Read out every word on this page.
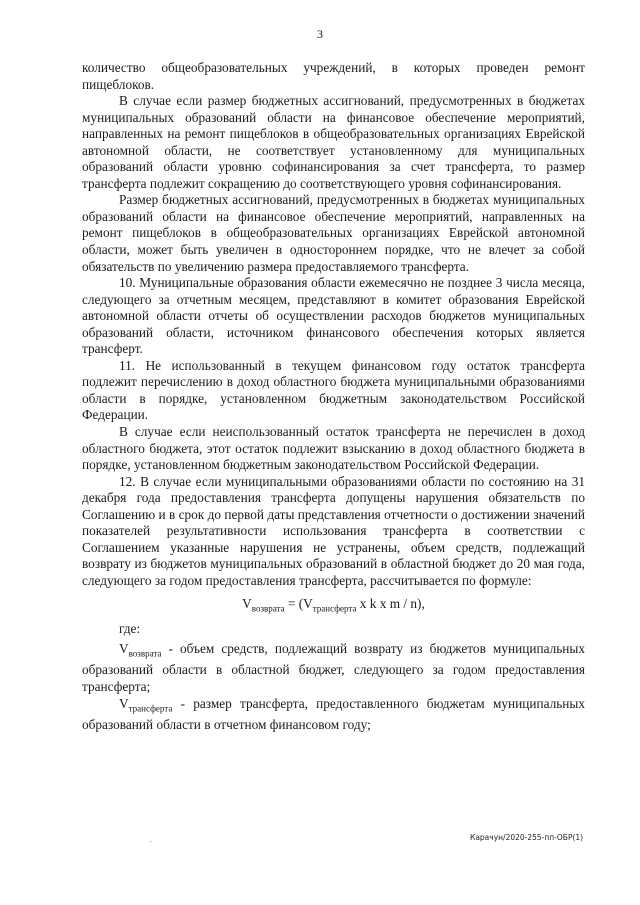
3

количество общеобразовательных учреждений, в которых проведен ремонт пищеблоков.

В случае если размер бюджетных ассигнований, предусмотренных в бюджетах муниципальных образований области на финансовое обеспечение мероприятий, направленных на ремонт пищеблоков в общеобразовательных организациях Еврейской автономной области, не соответствует установленному для муниципальных образований области уровню софинансирования за счет трансферта, то размер трансферта подлежит сокращению до соответствующего уровня софинансирования.

Размер бюджетных ассигнований, предусмотренных в бюджетах муниципальных образований области на финансовое обеспечение мероприятий, направленных на ремонт пищеблоков в общеобразовательных организациях Еврейской автономной области, может быть увеличен в одностороннем порядке, что не влечет за собой обязательств по увеличению размера предоставляемого трансферта.

10. Муниципальные образования области ежемесячно не позднее 3 числа месяца, следующего за отчетным месяцем, представляют в комитет образования Еврейской автономной области отчеты об осуществлении расходов бюджетов муниципальных образований области, источником финансового обеспечения которых является трансферт.

11. Не использованный в текущем финансовом году остаток трансферта подлежит перечислению в доход областного бюджета муниципальными образованиями области в порядке, установленном бюджетным законодательством Российской Федерации.

В случае если неиспользованный остаток трансферта не перечислен в доход областного бюджета, этот остаток подлежит взысканию в доход областного бюджета в порядке, установленном бюджетным законодательством Российской Федерации.

12. В случае если муниципальными образованиями области по состоянию на 31 декабря года предоставления трансферта допущены нарушения обязательств по Соглашению и в срок до первой даты представления отчетности о достижении значений показателей результативности использования трансферта в соответствии с Соглашением указанные нарушения не устранены, объем средств, подлежащий возврату из бюджетов муниципальных образований в областной бюджет до 20 мая года, следующего за годом предоставления трансферта, рассчитывается по формуле:

$V_{возврата} = (V_{трансферта}$ x k x m / n),

где:

$V_{возврата}$ - объем средств, подлежащий возврату из бюджетов муниципальных образований области в областной бюджет, следующего за годом предоставления трансферта;

$V_{трансферта}$ - размер трансферта, предоставленного бюджетам муниципальных образований области в отчетном финансовом году;

.	Карачун/2020-255-пп-ОБР(1)
